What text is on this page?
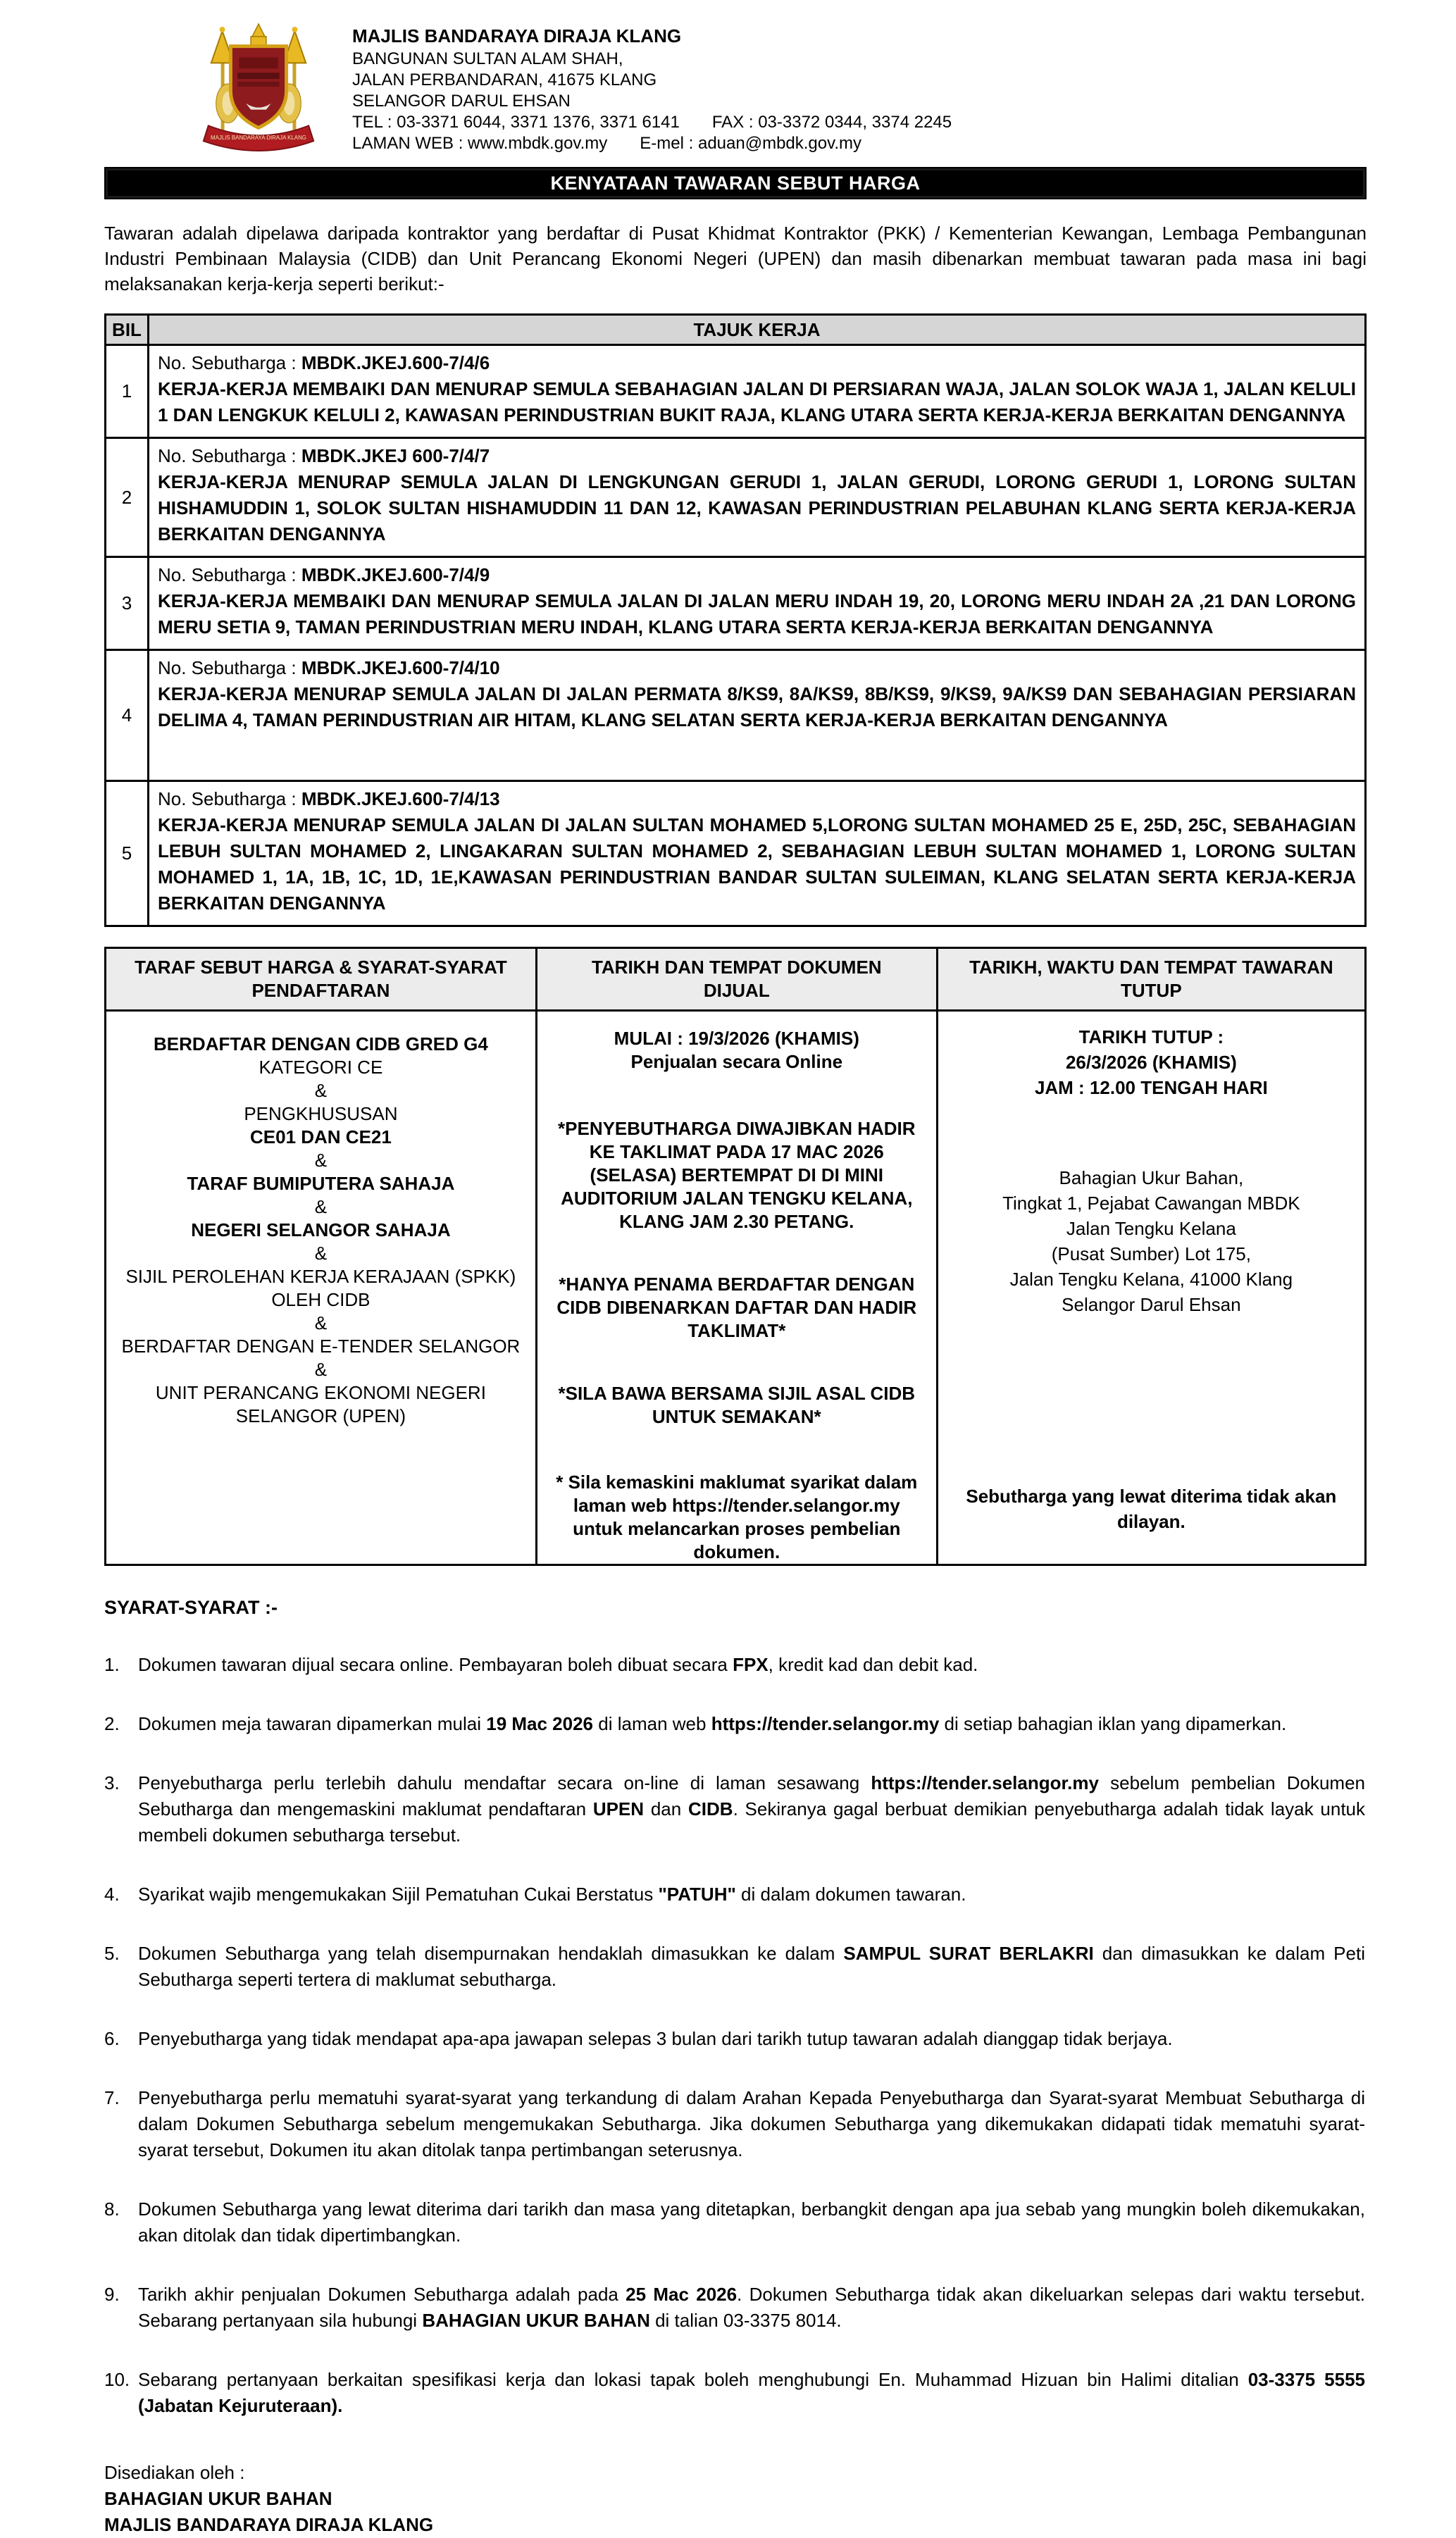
MAJLIS BANDARAYA DIRAJA KLANG
MAJLIS BANDARAYA DIRAJA KLANG
BANGUNAN SULTAN ALAM SHAH,
JALAN PERBANDARAN, 41675 KLANG
SELANGOR DARUL EHSAN
TEL : 03-3371 6044, 3371 1376, 3371 6141 FAX : 03-3372 0344, 3374 2245
LAMAN WEB : www.mbdk.gov.my E-mel : aduan@mbdk.gov.my
KENYATAAN TAWARAN SEBUT HARGA
Tawaran adalah dipelawa daripada kontraktor yang berdaftar di Pusat Khidmat Kontraktor (PKK) / Kementerian Kewangan, Lembaga Pembangunan Industri Pembinaan Malaysia (CIDB) dan Unit Perancang Ekonomi Negeri (UPEN) dan masih dibenarkan membuat tawaran pada masa ini bagi melaksanakan kerja-kerja seperti berikut:-
BIL	TAJUK KERJA
1	No. Sebutharga : MBDK.JKEJ.600-7/4/6
KERJA-KERJA MEMBAIKI DAN MENURAP SEMULA SEBAHAGIAN JALAN DI PERSIARAN WAJA, JALAN SOLOK WAJA 1, JALAN KELULI 1 DAN LENGKUK KELULI 2, KAWASAN PERINDUSTRIAN BUKIT RAJA, KLANG UTARA SERTA KERJA-KERJA BERKAITAN DENGANNYA

2	No. Sebutharga : MBDK.JKEJ 600-7/4/7
KERJA-KERJA MENURAP SEMULA JALAN DI LENGKUNGAN GERUDI 1, JALAN GERUDI, LORONG GERUDI 1, LORONG SULTAN HISHAMUDDIN 1, SOLOK SULTAN HISHAMUDDIN 11 DAN 12, KAWASAN PERINDUSTRIAN PELABUHAN KLANG SERTA KERJA-KERJA BERKAITAN DENGANNYA

3	No. Sebutharga : MBDK.JKEJ.600-7/4/9
KERJA-KERJA MEMBAIKI DAN MENURAP SEMULA JALAN DI JALAN MERU INDAH 19, 20, LORONG MERU INDAH 2A ,21 DAN LORONG MERU SETIA 9, TAMAN PERINDUSTRIAN MERU INDAH, KLANG UTARA SERTA KERJA-KERJA BERKAITAN DENGANNYA

4	No. Sebutharga : MBDK.JKEJ.600-7/4/10
KERJA-KERJA MENURAP SEMULA JALAN DI JALAN PERMATA 8/KS9, 8A/KS9, 8B/KS9, 9/KS9, 9A/KS9 DAN SEBAHAGIAN PERSIARAN DELIMA 4, TAMAN PERINDUSTRIAN AIR HITAM, KLANG SELATAN SERTA KERJA-KERJA BERKAITAN DENGANNYA

5	No. Sebutharga : MBDK.JKEJ.600-7/4/13
KERJA-KERJA MENURAP SEMULA JALAN DI JALAN SULTAN MOHAMED 5,LORONG SULTAN MOHAMED 25 E, 25D, 25C, SEBAHAGIAN LEBUH SULTAN MOHAMED 2, LINGAKARAN SULTAN MOHAMED 2, SEBAHAGIAN LEBUH SULTAN MOHAMED 1, LORONG SULTAN MOHAMED 1, 1A, 1B, 1C, 1D, 1E,KAWASAN PERINDUSTRIAN BANDAR SULTAN SULEIMAN, KLANG SELATAN SERTA KERJA-KERJA BERKAITAN DENGANNYA
TARAF SEBUT HARGA & SYARAT-SYARAT PENDAFTARAN	TARIKH DAN TEMPAT DOKUMEN DIJUAL	TARIKH, WAKTU DAN TEMPAT TAWARAN TUTUP

BERDAFTAR DENGAN CIDB GRED G4
KATEGORI CE
&
PENGKHUSUSAN
CE01 DAN CE21
&
TARAF BUMIPUTERA SAHAJA
&
NEGERI SELANGOR SAHAJA
&
SIJIL PEROLEHAN KERJA KERAJAAN (SPKK) OLEH CIDB
&
BERDAFTAR DENGAN E-TENDER SELANGOR
&
UNIT PERANCANG EKONOMI NEGERI SELANGOR (UPEN)

MULAI : 19/3/2026 (KHAMIS)
Penjualan secara Online
*PENYEBUTHARGA DIWAJIBKAN HADIR KE TAKLIMAT PADA 17 MAC 2026 (SELASA) BERTEMPAT DI DI MINI AUDITORIUM JALAN TENGKU KELANA, KLANG JAM 2.30 PETANG.
*HANYA PENAMA BERDAFTAR DENGAN CIDB DIBENARKAN DAFTAR DAN HADIR TAKLIMAT*
*SILA BAWA BERSAMA SIJIL ASAL CIDB UNTUK SEMAKAN*
* Sila kemaskini maklumat syarikat dalam laman web https://tender.selangor.my untuk melancarkan proses pembelian dokumen.

TARIKH TUTUP :
26/3/2026 (KHAMIS)
JAM : 12.00 TENGAH HARI
Bahagian Ukur Bahan,
Tingkat 1, Pejabat Cawangan MBDK
Jalan Tengku Kelana
(Pusat Sumber) Lot 175,
Jalan Tengku Kelana, 41000 Klang
Selangor Darul Ehsan
Sebutharga yang lewat diterima tidak akan dilayan.
SYARAT-SYARAT :-
1.	Dokumen tawaran dijual secara online. Pembayaran boleh dibuat secara FPX, kredit kad dan debit kad.
2.	Dokumen meja tawaran dipamerkan mulai 19 Mac 2026 di laman web https://tender.selangor.my di setiap bahagian iklan yang dipamerkan.
3.	Penyebutharga perlu terlebih dahulu mendaftar secara on-line di laman sesawang https://tender.selangor.my sebelum pembelian Dokumen Sebutharga dan mengemaskini maklumat pendaftaran UPEN dan CIDB. Sekiranya gagal berbuat demikian penyebutharga adalah tidak layak untuk membeli dokumen sebutharga tersebut.
4.	Syarikat wajib mengemukakan Sijil Pematuhan Cukai Berstatus "PATUH" di dalam dokumen tawaran.
5.	Dokumen Sebutharga yang telah disempurnakan hendaklah dimasukkan ke dalam SAMPUL SURAT BERLAKRI dan dimasukkan ke dalam Peti Sebutharga seperti tertera di maklumat sebutharga.
6.	Penyebutharga yang tidak mendapat apa-apa jawapan selepas 3 bulan dari tarikh tutup tawaran adalah dianggap tidak berjaya.
7.	Penyebutharga perlu mematuhi syarat-syarat yang terkandung di dalam Arahan Kepada Penyebutharga dan Syarat-syarat Membuat Sebutharga di dalam Dokumen Sebutharga sebelum mengemukakan Sebutharga. Jika dokumen Sebutharga yang dikemukakan didapati tidak mematuhi syarat-syarat tersebut, Dokumen itu akan ditolak tanpa pertimbangan seterusnya.
8.	Dokumen Sebutharga yang lewat diterima dari tarikh dan masa yang ditetapkan, berbangkit dengan apa jua sebab yang mungkin boleh dikemukakan, akan ditolak dan tidak dipertimbangkan.
9.	Tarikh akhir penjualan Dokumen Sebutharga adalah pada 25 Mac 2026. Dokumen Sebutharga tidak akan dikeluarkan selepas dari waktu tersebut. Sebarang pertanyaan sila hubungi BAHAGIAN UKUR BAHAN di talian 03-3375 8014.
10. Sebarang pertanyaan berkaitan spesifikasi kerja dan lokasi tapak boleh menghubungi En. Muhammad Hizuan bin Halimi ditalian 03-3375 5555 (Jabatan Kejuruteraan).
Disediakan oleh :
BAHAGIAN UKUR BAHAN
MAJLIS BANDARAYA DIRAJA KLANG
